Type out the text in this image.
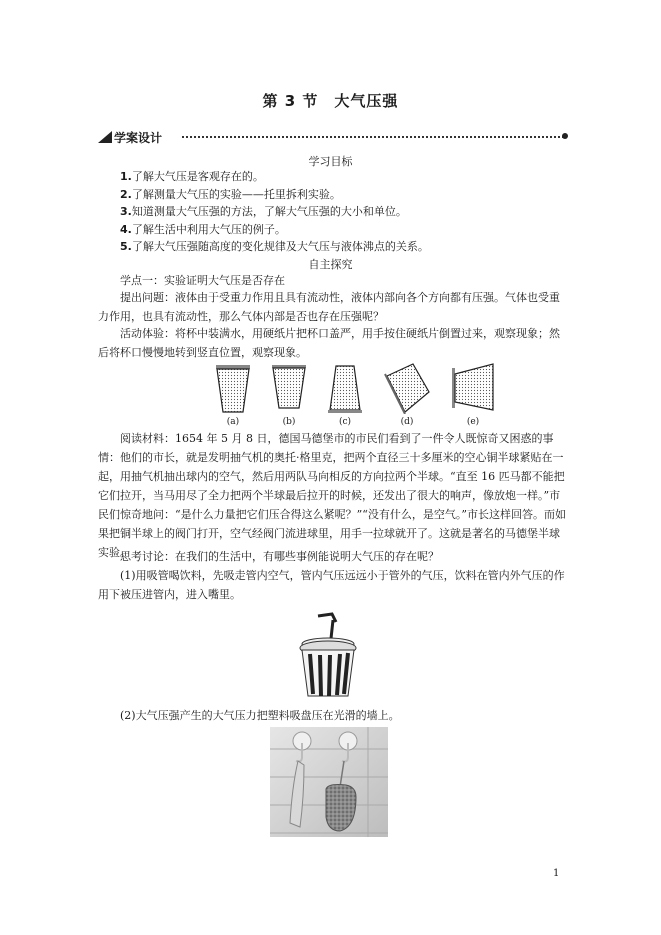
第 3 节　大气压强
学案设计
学习目标
1.了解大气压是客观存在的。
2.了解测量大气压的实验——托里拆利实验。
3.知道测量大气压强的方法，了解大气压强的大小和单位。
4.了解生活中利用大气压的例子。
5.了解大气压强随高度的变化规律及大气压与液体沸点的关系。
自主探究
学点一：实验证明大气压是否存在
提出问题：液体由于受重力作用且具有流动性，液体内部向各个方向都有压强。气体也受重力作用，也具有流动性，那么气体内部是否也存在压强呢？
活动体验：将杯中装满水，用硬纸片把杯口盖严，用手按住硬纸片倒置过来，观察现象；然后将杯口慢慢地转到竖直位置，观察现象。
(a)	(b)	(c)	(d)	(e)
阅读材料：1654 年 5 月 8 日，德国马德堡市的市民们看到了一件令人既惊奇又困惑的事情：他们的市长，就是发明抽气机的奥托·格里克，把两个直径三十多厘米的空心铜半球紧贴在一起，用抽气机抽出球内的空气，然后用两队马向相反的方向拉两个半球。“直至 16 匹马都不能把它们拉开，当马用尽了全力把两个半球最后拉开的时候，还发出了很大的响声，像放炮一样。”市民们惊奇地问：“是什么力量把它们压合得这么紧呢？”“没有什么，是空气。”市长这样回答。而如果把铜半球上的阀门打开，空气经阀门流进球里，用手一拉球就开了。这就是著名的马德堡半球实验。
思考讨论：在我们的生活中，有哪些事例能说明大气压的存在呢？
(1)用吸管喝饮料，先吸走管内空气，管内气压远远小于管外的气压，饮料在管内外气压的作用下被压进管内，进入嘴里。
(2)大气压强产生的大气压力把塑料吸盘压在光滑的墙上。
1
